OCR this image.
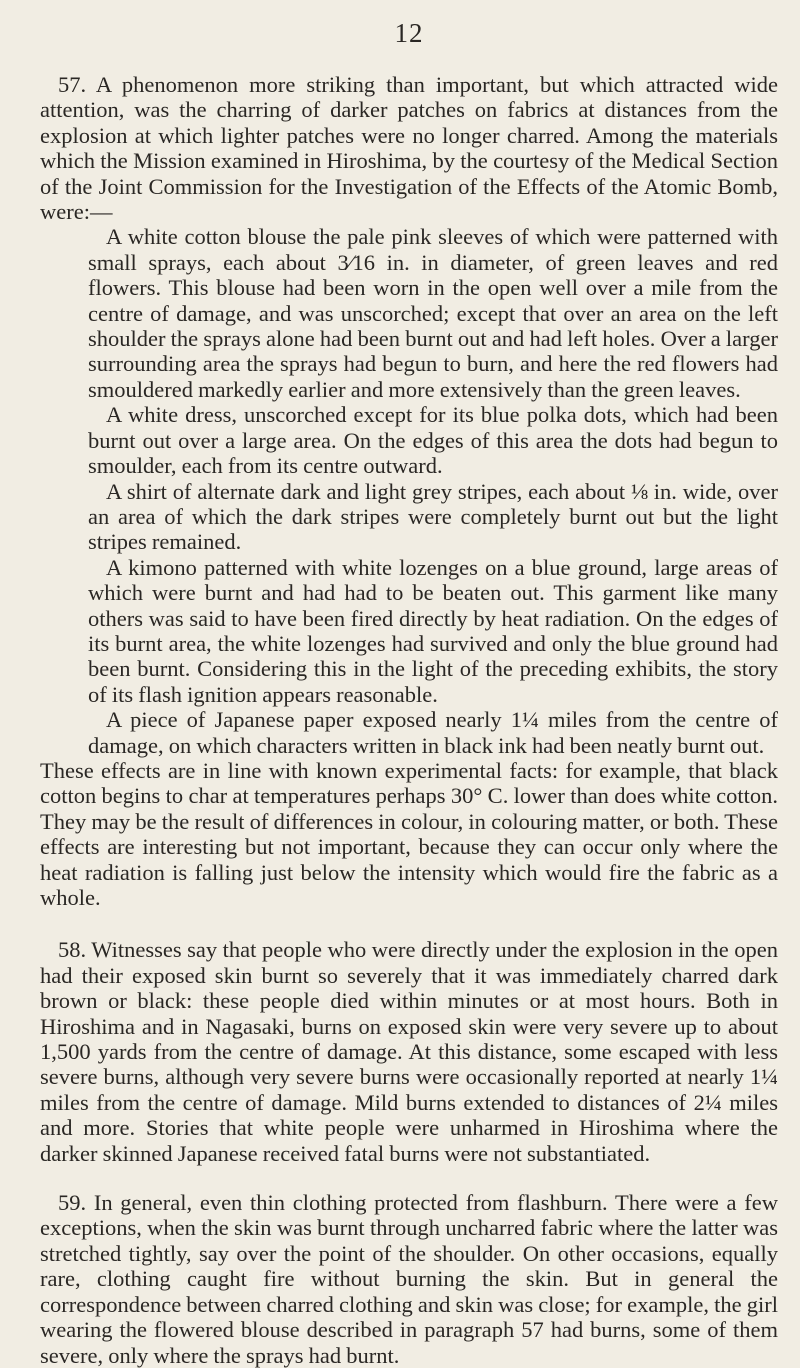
12

57. A phenomenon more striking than important, but which attracted wide attention, was the charring of darker patches on fabrics at distances from the explosion at which lighter patches were no longer charred. Among the materials which the Mission examined in Hiroshima, by the courtesy of the Medical Section of the Joint Commission for the Investigation of the Effects of the Atomic Bomb, were:—

A white cotton blouse the pale pink sleeves of which were patterned with small sprays, each about 3⁄16 in. in diameter, of green leaves and red flowers. This blouse had been worn in the open well over a mile from the centre of damage, and was unscorched; except that over an area on the left shoulder the sprays alone had been burnt out and had left holes. Over a larger surrounding area the sprays had begun to burn, and here the red flowers had smouldered markedly earlier and more extensively than the green leaves.

A white dress, unscorched except for its blue polka dots, which had been burnt out over a large area. On the edges of this area the dots had begun to smoulder, each from its centre outward.

A shirt of alternate dark and light grey stripes, each about ⅛ in. wide, over an area of which the dark stripes were completely burnt out but the light stripes remained.

A kimono patterned with white lozenges on a blue ground, large areas of which were burnt and had had to be beaten out. This garment like many others was said to have been fired directly by heat radiation. On the edges of its burnt area, the white lozenges had survived and only the blue ground had been burnt. Considering this in the light of the preceding exhibits, the story of its flash ignition appears reasonable.

A piece of Japanese paper exposed nearly 1¼ miles from the centre of damage, on which characters written in black ink had been neatly burnt out.

These effects are in line with known experimental facts: for example, that black cotton begins to char at temperatures perhaps 30° C. lower than does white cotton. They may be the result of differences in colour, in colouring matter, or both. These effects are interesting but not important, because they can occur only where the heat radiation is falling just below the intensity which would fire the fabric as a whole.

58. Witnesses say that people who were directly under the explosion in the open had their exposed skin burnt so severely that it was immediately charred dark brown or black: these people died within minutes or at most hours. Both in Hiroshima and in Nagasaki, burns on exposed skin were very severe up to about 1,500 yards from the centre of damage. At this distance, some escaped with less severe burns, although very severe burns were occasionally reported at nearly 1¼ miles from the centre of damage. Mild burns extended to distances of 2¼ miles and more. Stories that white people were unharmed in Hiroshima where the darker skinned Japanese received fatal burns were not substantiated.

59. In general, even thin clothing protected from flashburn. There were a few exceptions, when the skin was burnt through uncharred fabric where the latter was stretched tightly, say over the point of the shoulder. On other occasions, equally rare, clothing caught fire without burning the skin. But in general the correspondence between charred clothing and skin was close; for example, the girl wearing the flowered blouse described in paragraph 57 had burns, some of them severe, only where the sprays had burnt.
